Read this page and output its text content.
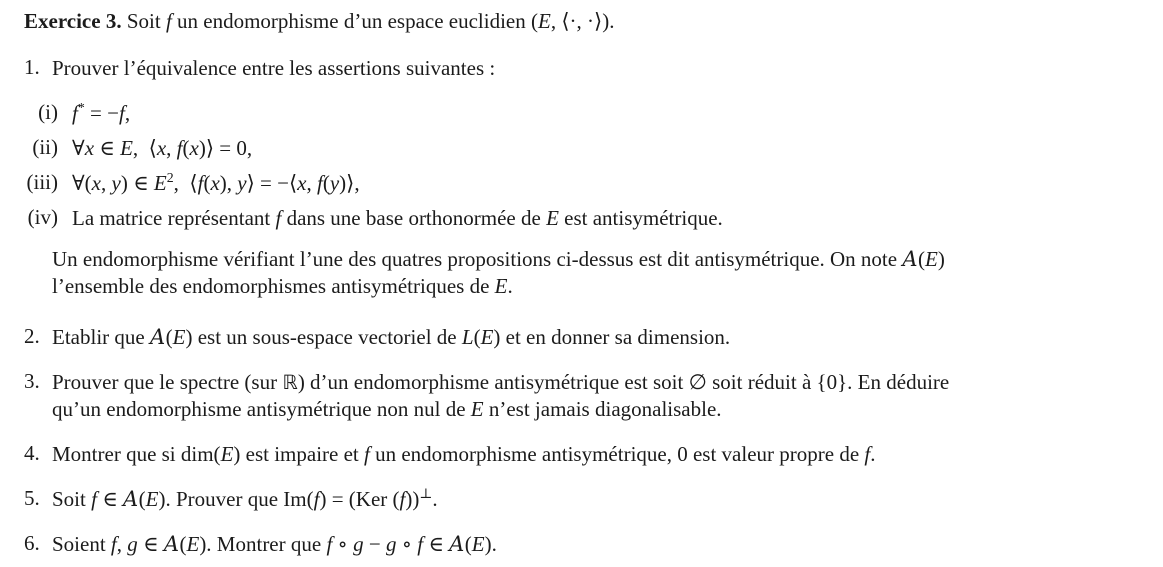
Exercice 3. Soit f un endomorphisme d’un espace euclidien (E, ⟨·, ·⟩).
1. Prouver l’équivalence entre les assertions suivantes :
(i) f* = −f,
(ii) ∀x ∈ E,  ⟨x, f(x)⟩ = 0,
(iii) ∀(x, y) ∈ $E^2$,  ⟨f(x), y⟩ = −⟨x, f(y)⟩,
(iv) La matrice représentant f dans une base orthonormée de E est antisymétrique.
Un endomorphisme vérifiant l’une des quatres propositions ci-dessus est dit antisymétrique. On note A(E)
l’ensemble des endomorphismes antisymétriques de E.
2. Etablir que A(E) est un sous-espace vectoriel de L(E) et en donner sa dimension.
3. Prouver que le spectre (sur ℝ) d’un endomorphisme antisymétrique est soit ∅ soit réduit à {0}. En déduire
qu’un endomorphisme antisymétrique non nul de E n’est jamais diagonalisable.
4. Montrer que si dim(E) est impaire et f un endomorphisme antisymétrique, 0 est valeur propre de f.
5. Soit f ∈ A(E). Prouver que Im(f) = (Ker (f))⊥.
6. Soient f, g ∈ A(E). Montrer que f ∘ g − g ∘ f ∈ A(E).
